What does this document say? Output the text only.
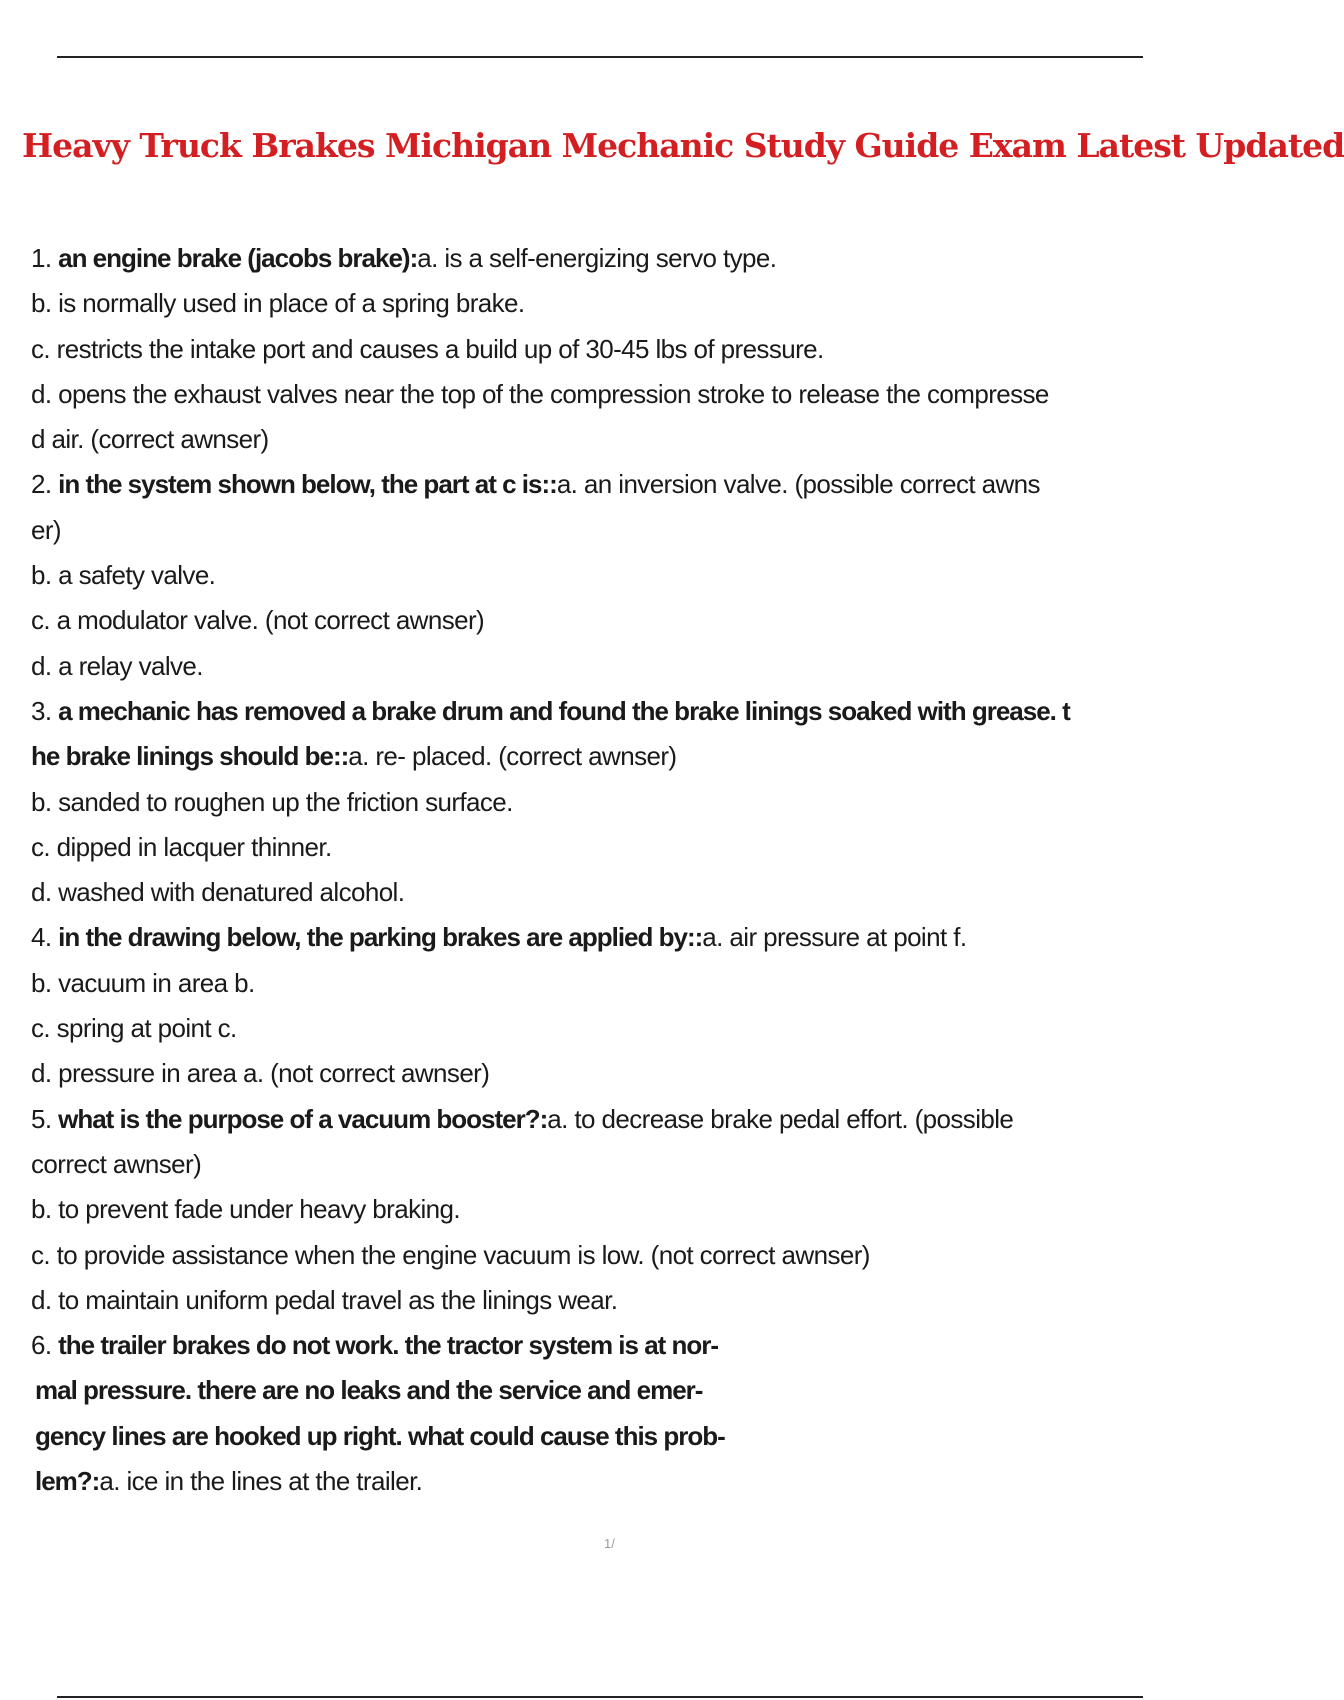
Heavy Truck Brakes Michigan Mechanic Study Guide Exam Latest Updated
1. an engine brake (jacobs brake):a. is a self-energizing servo type.
b. is normally used in place of a spring brake.
c. restricts the intake port and causes a build up of 30-45 lbs of pressure.
d. opens the exhaust valves near the top of the compression stroke to release the compresse
d air. (correct awnser)
2. in the system shown below, the part at c is::a. an inversion valve. (possible correct awns
er)
b. a safety valve.
c. a modulator valve. (not correct awnser)
d. a relay valve.
3. a mechanic has removed a brake drum and found the brake linings soaked with grease. t
he brake linings should be::a. re- placed. (correct awnser)
b. sanded to roughen up the friction surface.
c. dipped in lacquer thinner.
d. washed with denatured alcohol.
4. in the drawing below, the parking brakes are applied by::a. air pressure at point f.
b. vacuum in area b.
c. spring at point c.
d. pressure in area a. (not correct awnser)
5. what is the purpose of a vacuum booster?:a. to decrease brake pedal effort. (possible
correct awnser)
b. to prevent fade under heavy braking.
c. to provide assistance when the engine vacuum is low. (not correct awnser)
d. to maintain uniform pedal travel as the linings wear.
6. the trailer brakes do not work. the tractor system is at nor-
mal pressure. there are no leaks and the service and emer-
gency lines are hooked up right. what could cause this prob-
lem?:a. ice in the lines at the trailer.
1/
